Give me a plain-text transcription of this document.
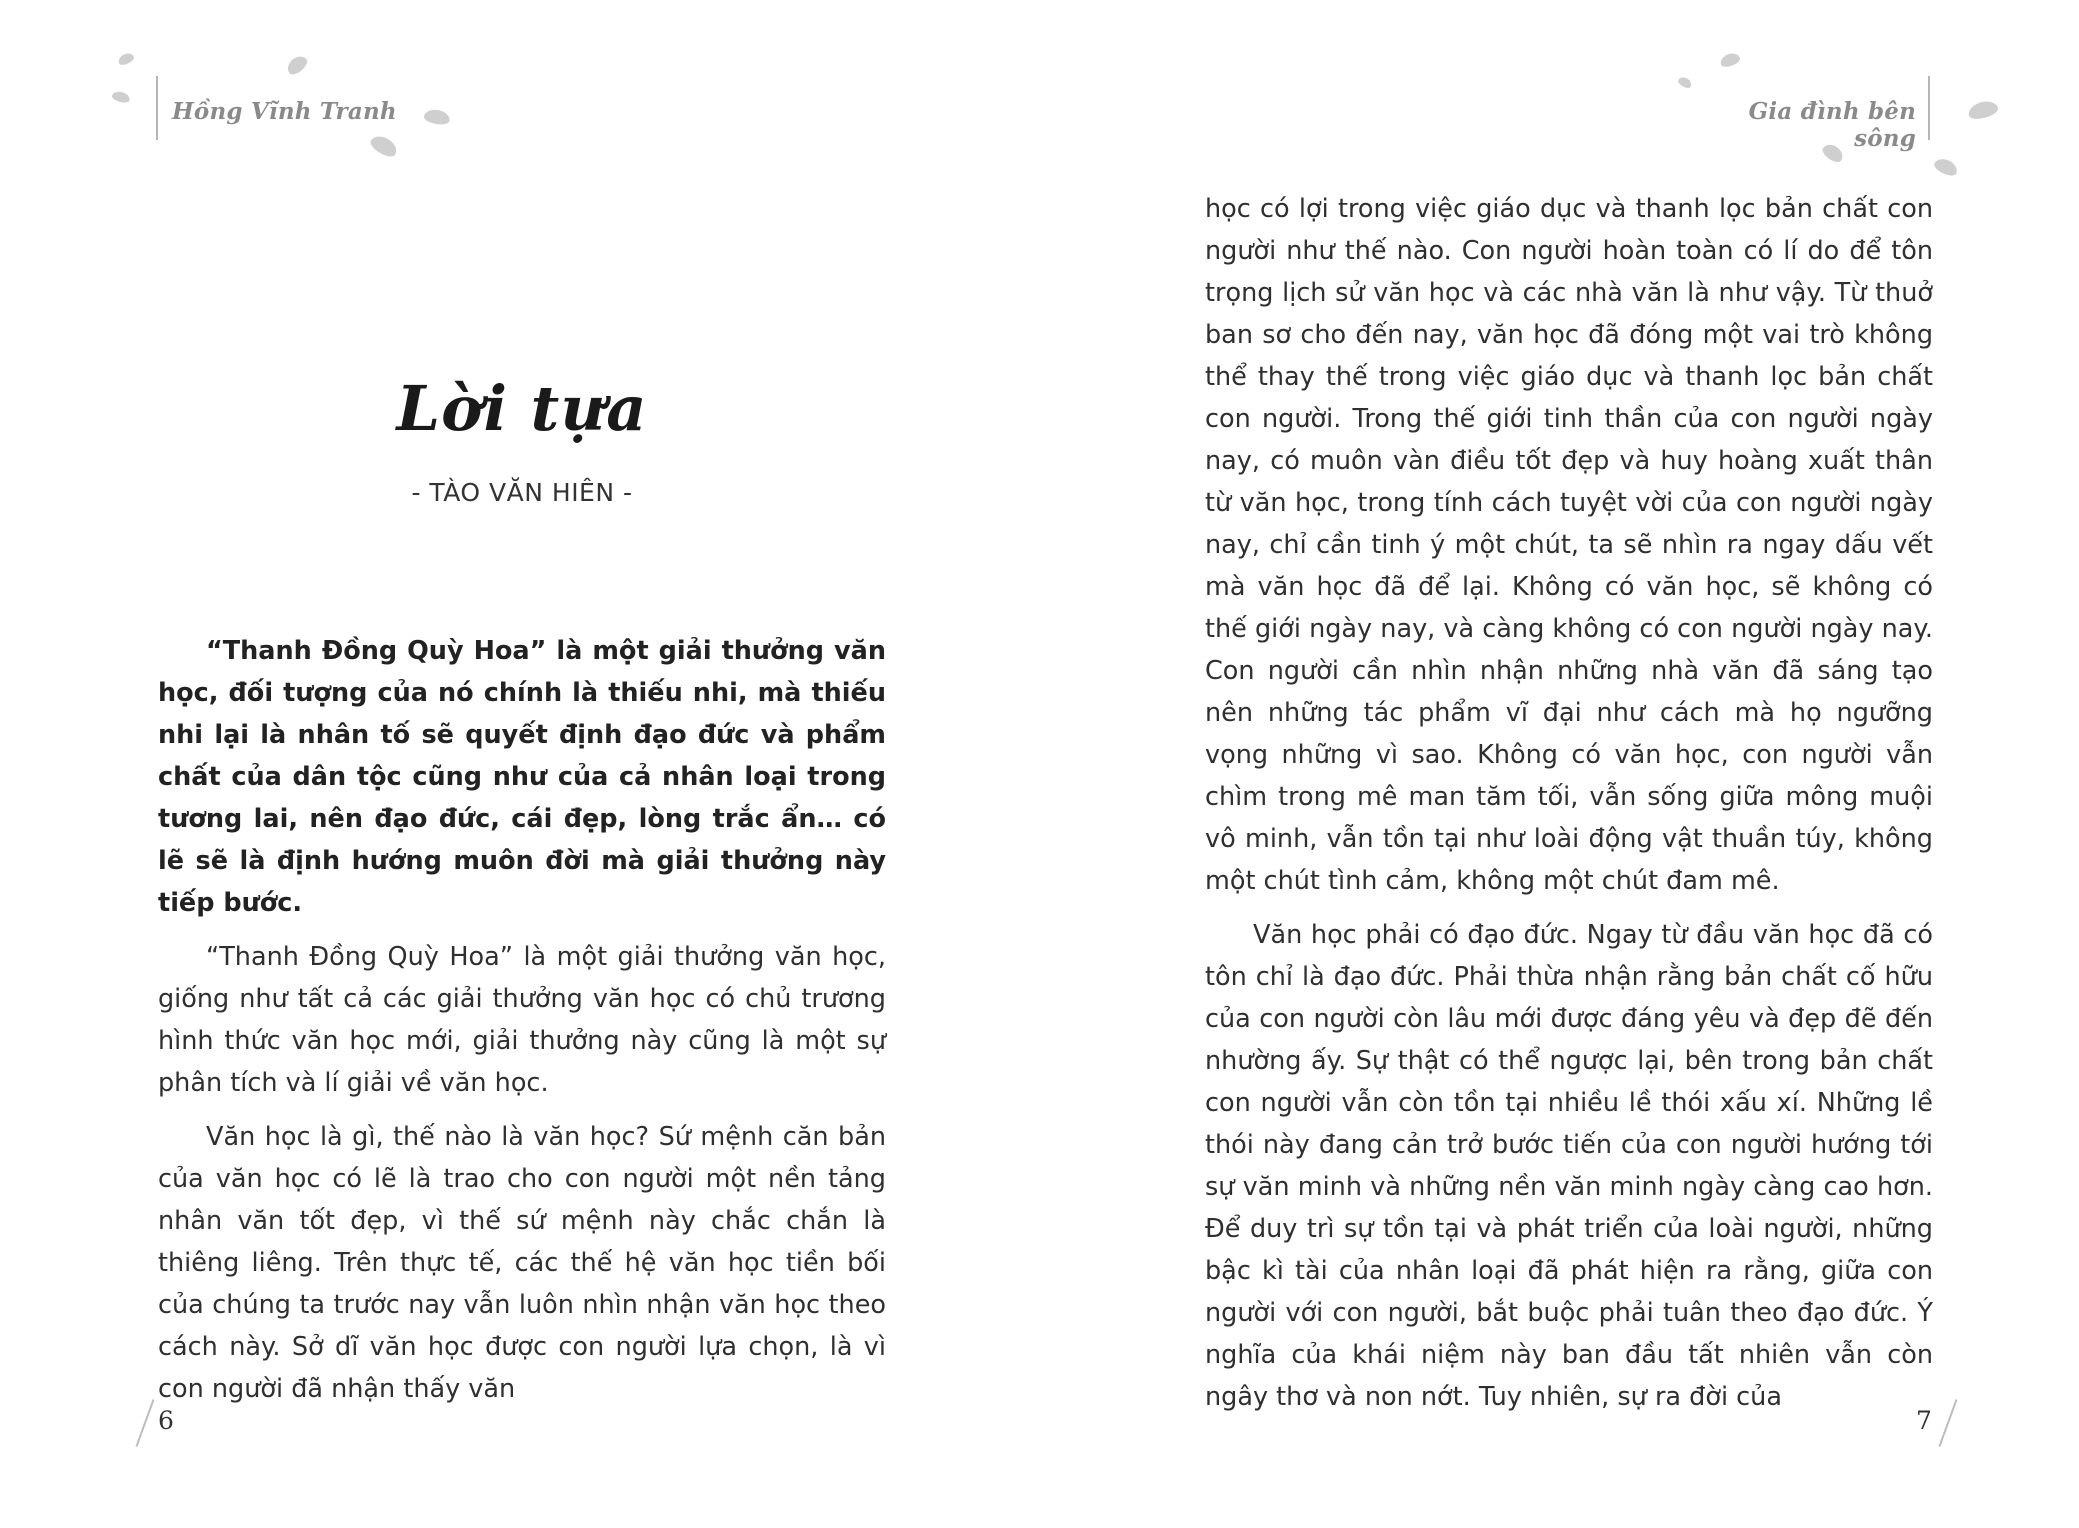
Hồng Vĩnh Tranh
Lời tựa
- TÀO VĂN HIÊN -

“Thanh Đồng Quỳ Hoa” là một giải thưởng văn học, đối tượng của nó chính là thiếu nhi, mà thiếu nhi lại là nhân tố sẽ quyết định đạo đức và phẩm chất của dân tộc cũng như của cả nhân loại trong tương lai, nên đạo đức, cái đẹp, lòng trắc ẩn… có lẽ sẽ là định hướng muôn đời mà giải thưởng này tiếp bước.

“Thanh Đồng Quỳ Hoa” là một giải thưởng văn học, giống như tất cả các giải thưởng văn học có chủ trương hình thức văn học mới, giải thưởng này cũng là một sự phân tích và lí giải về văn học.

Văn học là gì, thế nào là văn học? Sứ mệnh căn bản của văn học có lẽ là trao cho con người một nền tảng nhân văn tốt đẹp, vì thế sứ mệnh này chắc chắn là thiêng liêng. Trên thực tế, các thế hệ văn học tiền bối của chúng ta trước nay vẫn luôn nhìn nhận văn học theo cách này. Sở dĩ văn học được con người lựa chọn, là vì con người đã nhận thấy văn

6
Gia đình bên sông

học có lợi trong việc giáo dục và thanh lọc bản chất con người như thế nào. Con người hoàn toàn có lí do để tôn trọng lịch sử văn học và các nhà văn là như vậy. Từ thuở ban sơ cho đến nay, văn học đã đóng một vai trò không thể thay thế trong việc giáo dục và thanh lọc bản chất con người. Trong thế giới tinh thần của con người ngày nay, có muôn vàn điều tốt đẹp và huy hoàng xuất thân từ văn học, trong tính cách tuyệt vời của con người ngày nay, chỉ cần tinh ý một chút, ta sẽ nhìn ra ngay dấu vết mà văn học đã để lại. Không có văn học, sẽ không có thế giới ngày nay, và càng không có con người ngày nay. Con người cần nhìn nhận những nhà văn đã sáng tạo nên những tác phẩm vĩ đại như cách mà họ ngưỡng vọng những vì sao. Không có văn học, con người vẫn chìm trong mê man tăm tối, vẫn sống giữa mông muội vô minh, vẫn tồn tại như loài động vật thuần túy, không một chút tình cảm, không một chút đam mê.

Văn học phải có đạo đức. Ngay từ đầu văn học đã có tôn chỉ là đạo đức. Phải thừa nhận rằng bản chất cố hữu của con người còn lâu mới được đáng yêu và đẹp đẽ đến nhường ấy. Sự thật có thể ngược lại, bên trong bản chất con người vẫn còn tồn tại nhiều lề thói xấu xí. Những lề thói này đang cản trở bước tiến của con người hướng tới sự văn minh và những nền văn minh ngày càng cao hơn. Để duy trì sự tồn tại và phát triển của loài người, những bậc kì tài của nhân loại đã phát hiện ra rằng, giữa con người với con người, bắt buộc phải tuân theo đạo đức. Ý nghĩa của khái niệm này ban đầu tất nhiên vẫn còn ngây thơ và non nớt. Tuy nhiên, sự ra đời của

7
